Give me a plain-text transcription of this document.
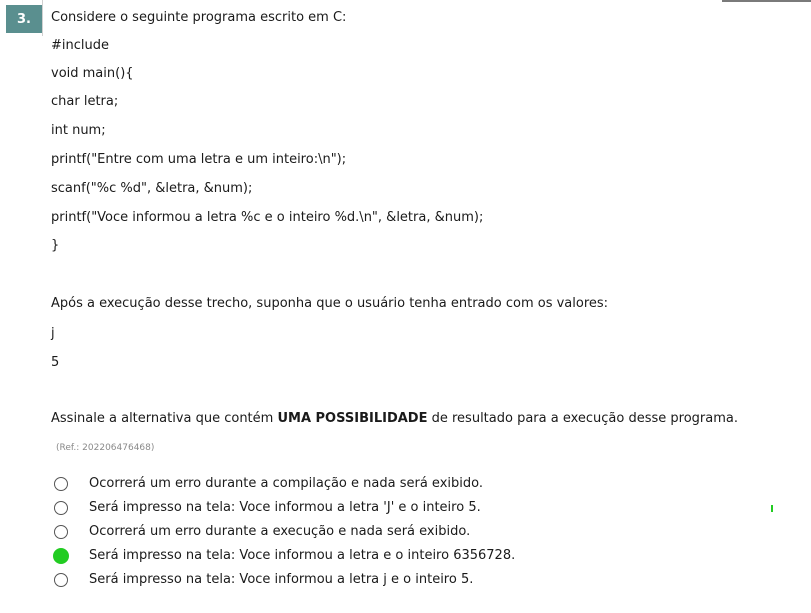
3.	Considere o seguinte programa escrito em C:
#include
void main(){
char letra;
int num;
printf("Entre com uma letra e um inteiro:\n");
scanf("%c %d", &letra, &num);
printf("Voce informou a letra %c e o inteiro %d.\n", &letra, &num);
}
Após a execução desse trecho, suponha que o usuário tenha entrado com os valores:
j
5
Assinale a alternativa que contém UMA POSSIBILIDADE de resultado para a execução desse programa.
(Ref.: 202206476468)
Ocorrerá um erro durante a compilação e nada será exibido.
Será impresso na tela: Voce informou a letra 'J' e o inteiro 5.
Ocorrerá um erro durante a execução e nada será exibido.
Será impresso na tela: Voce informou a letra e o inteiro 6356728.
Será impresso na tela: Voce informou a letra j e o inteiro 5.
